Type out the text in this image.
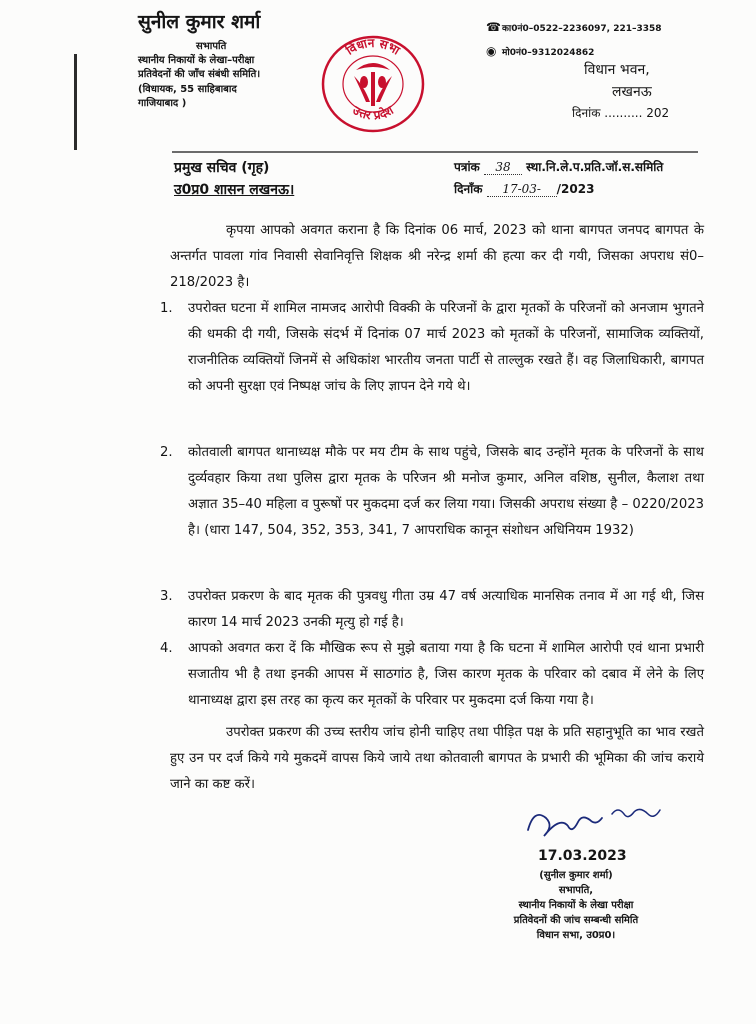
सुनील कुमार शर्मा
सभापति
स्थानीय निकायों के लेखा–परीक्षा
प्रतिवेदनों की जाँच संबंधी समिति।
(विधायक, 55 साहिबाबाद
गाजियाबाद )
विधान सभा
उत्तर प्रदेश
☎का0नं0–0522–2236097, 221–3358
◉ मो0नं0–9312024862
विधान भवन,
लखनऊ
दिनांक .......... 202
प्रमुख सचिव (गृह)
उ0प्र0 शासन लखनऊ।
पत्रांक 38 स्था.नि.ले.प.प्रति.जॉ.स.समिति
दिनाँक 17-03- /2023
कृपया आपको अवगत कराना है कि दिनांक 06 मार्च, 2023 को थाना बागपत जनपद बागपत के अन्तर्गत पावला गांव निवासी सेवानिवृत्ति शिक्षक श्री नरेन्द्र शर्मा की हत्या कर दी गयी, जिसका अपराध सं0–218/2023 है।
1. उपरोक्त घटना में शामिल नामजद आरोपी विक्की के परिजनों के द्वारा मृतकों के परिजनों को अनजाम भुगतने की धमकी दी गयी, जिसके संदर्भ में दिनांक 07 मार्च 2023 को मृतकों के परिजनों, सामाजिक व्यक्तियों, राजनीतिक व्यक्तियों जिनमें से अधिकांश भारतीय जनता पार्टी से ताल्लुक रखते हैं। वह जिलाधिकारी, बागपत को अपनी सुरक्षा एवं निष्पक्ष जांच के लिए ज्ञापन देने गये थे।
2. कोतवाली बागपत थानाध्यक्ष मौके पर मय टीम के साथ पहुंचे, जिसके बाद उन्होंने मृतक के परिजनों के साथ दुर्व्यवहार किया तथा पुलिस द्वारा मृतक के परिजन श्री मनोज कुमार, अनिल वशिष्ठ, सुनील, कैलाश तथा अज्ञात 35–40 महिला व पुरूषों पर मुकदमा दर्ज कर लिया गया। जिसकी अपराध संख्या है – 0220/2023 है। (धारा 147, 504, 352, 353, 341, 7 आपराधिक कानून संशोधन अधिनियम 1932)
3. उपरोक्त प्रकरण के बाद मृतक की पुत्रवधु गीता उम्र 47 वर्ष अत्याधिक मानसिक तनाव में आ गई थी, जिस कारण 14 मार्च 2023 उनकी मृत्यु हो गई है।
4. आपको अवगत करा दें कि मौखिक रूप से मुझे बताया गया है कि घटना में शामिल आरोपी एवं थाना प्रभारी सजातीय भी है तथा इनकी आपस में साठगांठ है, जिस कारण मृतक के परिवार को दबाव में लेने के लिए थानाध्यक्ष द्वारा इस तरह का कृत्य कर मृतकों के परिवार पर मुकदमा दर्ज किया गया है।
उपरोक्त प्रकरण की उच्च स्तरीय जांच होनी चाहिए तथा पीड़ित पक्ष के प्रति सहानुभूति का भाव रखते हुए उन पर दर्ज किये गये मुकदमें वापस किये जाये तथा कोतवाली बागपत के प्रभारी की भूमिका की जांच कराये जाने का कष्ट करें।
17.03.2023
(सुनील कुमार शर्मा)
सभापति,
स्थानीय निकायों के लेखा परीक्षा
प्रतिवेदनों की जांच सम्बन्धी समिति
विधान सभा, उ0प्र0।
